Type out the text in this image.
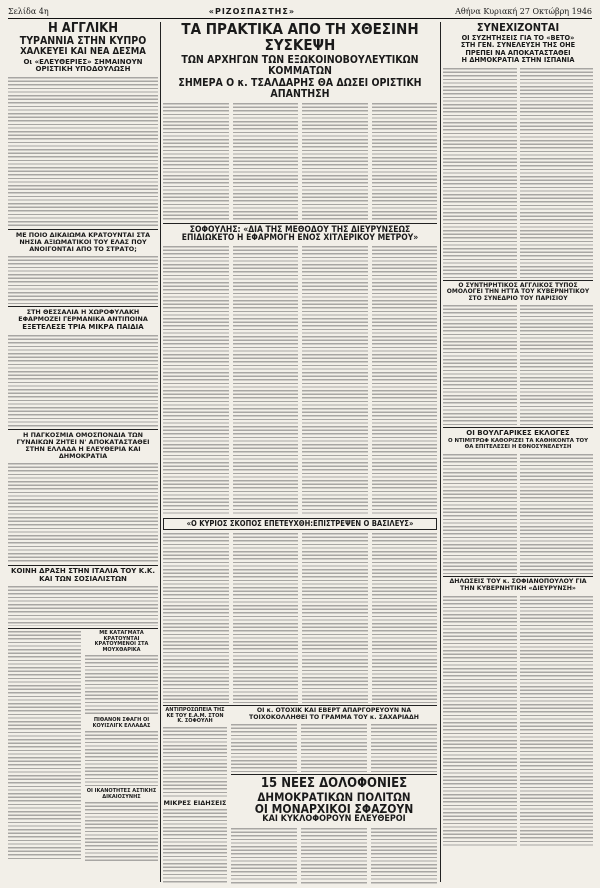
Σελίδα 4η	«ΡΙΖΟΣΠΑΣΤΗΣ»	Αθήνα Κυριακή 27 Οκτώβρη 1946

Η ΑΓΓΛΙΚΗ

ΤΥΡΑΝΝΙΑ ΣΤΗΝ ΚΥΠΡΟ

ΧΑΛΚΕΥΕΙ ΚΑΙ ΝΕΑ ΔΕΣΜΑ

Οι «ΕΛΕΥΘΕΡΙΕΣ» ΣΗΜΑΙΝΟΥΝ

ΟΡΙΣΤΙΚΗ ΥΠΟΔΟΥΛΩΣΗ

ΜΕ ΠΟΙΟ ΔΙΚΑΙΩΜΑ ΚΡΑΤΟΥΝΤΑΙ ΣΤΑ ΝΗΣΙΑ ΑΞΙΩΜΑΤΙΚΟΙ ΤΟΥ ΕΛΑΣ ΠΟΥ ΑΝΟΙΓΟΝΤΑΙ ΑΠΟ ΤΟ ΣΤΡΑΤΟ;

ΣΤΗ ΘΕΣΣΑΛΙΑ Η ΧΩΡΟΦΥΛΑΚΗ ΕΦΑΡΜΟΖΕΙ ΓΕΡΜΑΝΙΚΑ ΑΝΤΙΠΟΙΝΑ

ΕΞΕΤΕΛΕΣΕ ΤΡΙΑ ΜΙΚΡΑ ΠΑΙΔΙΑ

Η ΠΑΓΚΟΣΜΙΑ ΟΜΟΣΠΟΝΔΙΑ ΤΩΝ ΓΥΝΑΙΚΩΝ ΖΗΤΕΙ Ν' ΑΠΟΚΑΤΑΣΤΑΘΕΙ ΣΤΗΝ ΕΛΛΑΔΑ Η ΕΛΕΥΘΕΡΙΑ ΚΑΙ ΔΗΜΟΚΡΑΤΙΑ

ΚΟΙΝΗ ΔΡΑΣΗ ΣΤΗΝ ΙΤΑΛΙΑ ΤΟΥ Κ.Κ. ΚΑΙ ΤΩΝ ΣΟΣΙΑΛΙΣΤΩΝ

ΜΕ ΚΑΤΑΓΜΑΤΑ ΚΡΑΤΟΥΝΤΑΙ ΚΡΑΤΟΥΜΕΝΟΙ ΣΤΑ ΜΟΥΧΘΑΡΙΚΑ

ΠΙΘΑΝΟΝ ΣΦΑΓΗ ΟΙ ΚΟΥΙΣΛΙΓΚ ΕΛΛΑΔΑΣ

ΟΙ ΙΚΑΝΟΤΗΤΕΣ ΑΣΤΙΚΗΣ ΔΙΚΑΙΟΣΥΝΗΣ

ΤΑ ΠΡΑΚΤΙΚΑ ΑΠΟ ΤΗ ΧΘΕΣΙΝΗ ΣΥΣΚΕΨΗ

ΤΩΝ ΑΡΧΗΓΩΝ ΤΩΝ ΕΞΩΚΟΙΝΟΒΟΥΛΕΥΤΙΚΩΝ ΚΟΜΜΑΤΩΝ

ΣΗΜΕΡΑ Ο κ. ΤΣΑΛΔΑΡΗΣ ΘΑ ΔΩΣΕΙ ΟΡΙΣΤΙΚΗ ΑΠΑΝΤΗΣΗ

ΣΟΦΟΥΛΗΣ: «ΔΙΑ ΤΗΣ ΜΕΘΟΔΟΥ ΤΗΣ ΔΙΕΥΡΥΝΣΕΩΣ

ΕΠΙΔΙΩΚΕΤΟ Η ΕΦΑΡΜΟΓΗ ΕΝΟΣ ΧΙΤΛΕΡΙΚΟΥ ΜΕΤΡΟΥ»

«Ο ΚΥΡΙΟΣ ΣΚΟΠΟΣ ΕΠΕΤΕΥΧΘΗ:ΕΠΙΣΤΡΕΨΕΝ Ο ΒΑΣΙΛΕΥΣ»

ΑΝΤΙΠΡΟΣΩΠΕΙΑ ΤΗΣ ΚΕ ΤΟΥ Ε.Α.Μ. ΣΤΟΝ Κ. ΣΟΦΟΥΛΗ

ΜΙΚΡΕΣ ΕΙΔΗΣΕΙΣ

ΟΙ κ. ΟΤΟΧΙΚ ΚΑΙ ΕΒΕΡΤ ΑΠΑΡΓΟΡΕΥΟΥΝ ΝΑ ΤΟΙΧΟΚΟΛΛΗΘΕΙ ΤΟ ΓΡΑΜΜΑ ΤΟΥ κ. ΣΑΧΑΡΙΑΔΗ

15 ΝΕΕΣ ΔΟΛΟΦΟΝΙΕΣ

ΔΗΜΟΚΡΑΤΙΚΩΝ ΠΟΛΙΤΩΝ

ΟΙ ΜΟΝΑΡΧΙΚΟΙ ΣΦΑΖΟΥΝ

ΚΑΙ ΚΥΚΛΟΦΟΡΟΥΝ ΕΛΕΥΘΕΡΟΙ

ΣΥΝΕΧΙΖΟΝΤΑΙ

ΟΙ ΣΥΖΗΤΗΣΕΙΣ ΓΙΑ ΤΟ «ΒΕΤΟ»

ΣΤΗ ΓΕΝ. ΣΥΝΕΛΕΥΣΗ ΤΗΣ ΟΗΕ

ΠΡΕΠΕΙ ΝΑ ΑΠΟΚΑΤΑΣΤΑΘΕΙ

Η ΔΗΜΟΚΡΑΤΙΑ ΣΤΗΝ ΙΣΠΑΝΙΑ

Ο ΣΥΝΤΗΡΗΤΙΚΟΣ ΑΓΓΛΙΚΟΣ ΤΥΠΟΣ ΟΜΟΛΟΓΕΙ ΤΗΝ ΗΤΤΑ ΤΟΥ ΚΥΒΕΡΝΗΤΙΚΟΥ ΣΤΟ ΣΥΝΕΔΡΙΟ ΤΟΥ ΠΑΡΙΣΙΟΥ

ΟΙ ΒΟΥΛΓΑΡΙΚΕΣ ΕΚΛΟΓΕΣ

Ο ΝΤΙΜΙΤΡΩΦ ΚΑΘΟΡΙΖΕΙ ΤΑ ΚΑΘΗΚΟΝΤΑ ΤΟΥ ΘΑ ΕΠΙΤΕΛΕΣΕΙ Η ΕΘΝΟΣΥΝΕΛΕΥΣΗ

ΔΗΛΩΣΕΙΣ ΤΟΥ κ. ΣΟΦΙΑΝΟΠΟΥΛΟΥ ΓΙΑ ΤΗΝ ΚΥΒΕΡΝΗΤΙΚΗ «ΔΙΕΥΡΥΝΣΗ»
